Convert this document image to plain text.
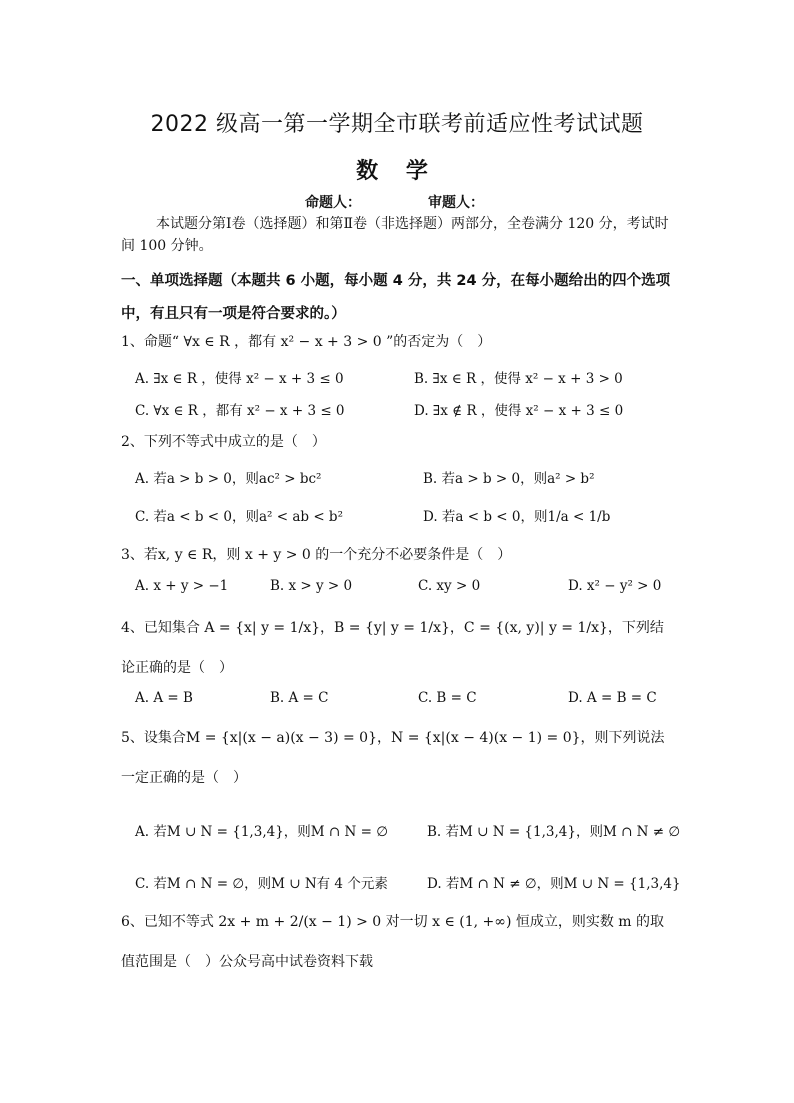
2022 级高一第一学期全市联考前适应性考试试题
数 学
命题人：	审题人：
本试题分第Ⅰ卷（选择题）和第Ⅱ卷（非选择题）两部分，全卷满分 120 分，考试时间 100 分钟。
一、单项选择题（本题共 6 小题，每小题 4 分，共 24 分，在每小题给出的四个选项中，有且只有一项是符合要求的。）
1、命题“ ∀x ∈ R ，都有 x² − x + 3 > 0 ”的否定为（　）
A. ∃x ∈ R ，使得 x² − x + 3 ≤ 0	B. ∃x ∈ R ，使得 x² − x + 3 > 0
C. ∀x ∈ R ，都有 x² − x + 3 ≤ 0	D. ∃x ∉ R ，使得 x² − x + 3 ≤ 0
2、下列不等式中成立的是（　）
A. 若a > b > 0，则ac² > bc²	B. 若a > b > 0，则a² > b²
C. 若a < b < 0，则a² < ab < b²	D. 若a < b < 0，则1/a < 1/b
3、若x, y ∈ R，则 x + y > 0 的一个充分不必要条件是（　）
A. x + y > −1	B. x > y > 0	C. xy > 0	D. x² − y² > 0
4、已知集合 A = {x| y = 1/x}，B = {y| y = 1/x}，C = {(x, y)| y = 1/x}，下列结论正确的是（　）
A. A = B	B. A = C	C. B = C	D. A = B = C
5、设集合M = {x|(x − a)(x − 3) = 0}，N = {x|(x − 4)(x − 1) = 0}，则下列说法一定正确的是（　）
A. 若M ∪ N = {1,3,4}，则M ∩ N = ∅	B. 若M ∪ N = {1,3,4}，则M ∩ N ≠ ∅
C. 若M ∩ N = ∅，则M ∪ N有 4 个元素	D. 若M ∩ N ≠ ∅，则M ∪ N = {1,3,4}
6、已知不等式 2x + m + 2/(x − 1) > 0 对一切 x ∈ (1, +∞) 恒成立，则实数 m 的取值范围是（　）公众号高中试卷资料下载
